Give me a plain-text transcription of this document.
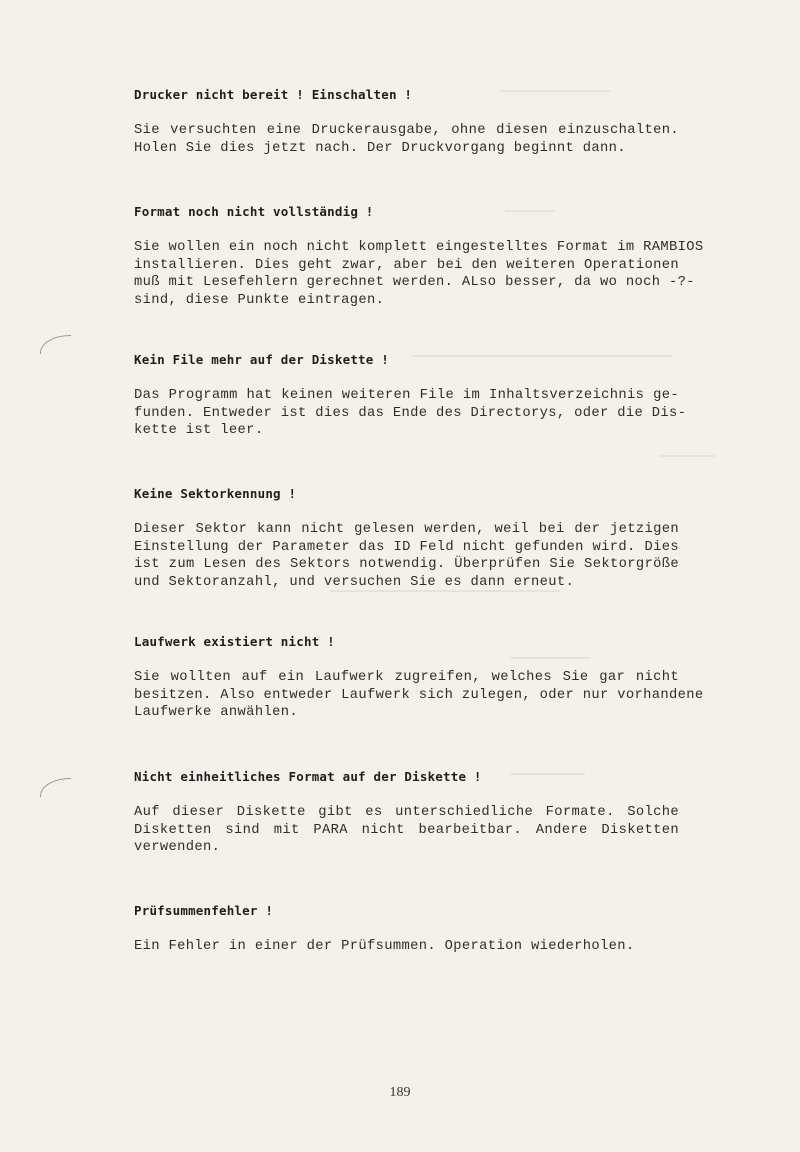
Drucker nicht bereit ! Einschalten !

Sie versuchten eine Druckerausgabe, ohne diesen einzuschalten.
Holen Sie dies jetzt nach. Der Druckvorgang beginnt dann.

Format noch nicht vollständig !

Sie wollen ein noch nicht komplett eingestelltes Format im RAMBIOS
installieren. Dies geht zwar, aber bei den weiteren Operationen
muß mit Lesefehlern gerechnet werden. ALso besser, da wo noch -?-
sind, diese Punkte eintragen.

Kein File mehr auf der Diskette !

Das Programm hat keinen weiteren File im Inhaltsverzeichnis ge-
funden. Entweder ist dies das Ende des Directorys, oder die Dis-
kette ist leer.

Keine Sektorkennung !

Dieser Sektor kann nicht gelesen werden, weil bei der jetzigen
Einstellung der Parameter das ID Feld nicht gefunden wird. Dies
ist zum Lesen des Sektors notwendig. Überprüfen Sie Sektorgröße
und Sektoranzahl, und versuchen Sie es dann erneut.

Laufwerk existiert nicht !

Sie wollten auf ein Laufwerk zugreifen, welches Sie gar nicht
besitzen. Also entweder Laufwerk sich zulegen, oder nur vorhandene
Laufwerke anwählen.

Nicht einheitliches Format auf der Diskette !

Auf dieser Diskette gibt es unterschiedliche Formate. Solche
Disketten sind mit PARA nicht bearbeitbar. Andere Disketten
verwenden.

Prüfsummenfehler !

Ein Fehler in einer der Prüfsummen. Operation wiederholen.

189
